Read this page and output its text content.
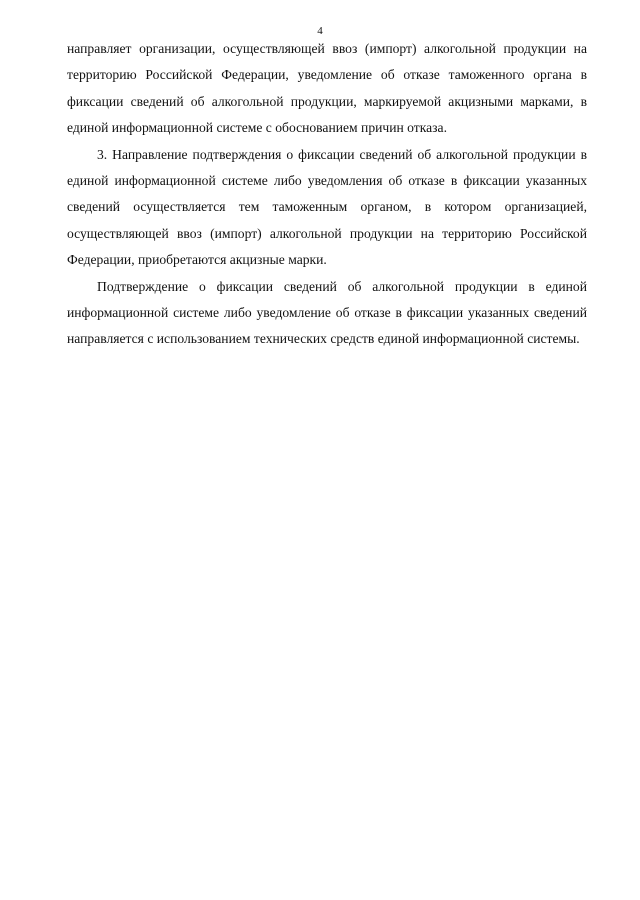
4

направляет организации, осуществляющей ввоз (импорт) алкогольной продукции на территорию Российской Федерации, уведомление об отказе таможенного органа в фиксации сведений об алкогольной продукции, маркируемой акцизными марками, в единой информационной системе с обоснованием причин отказа.

3. Направление подтверждения о фиксации сведений об алкогольной продукции в единой информационной системе либо уведомления об отказе в фиксации указанных сведений осуществляется тем таможенным органом, в котором организацией, осуществляющей ввоз (импорт) алкогольной продукции на территорию Российской Федерации, приобретаются акцизные марки.

Подтверждение о фиксации сведений об алкогольной продукции в единой информационной системе либо уведомление об отказе в фиксации указанных сведений направляется с использованием технических средств единой информационной системы.
